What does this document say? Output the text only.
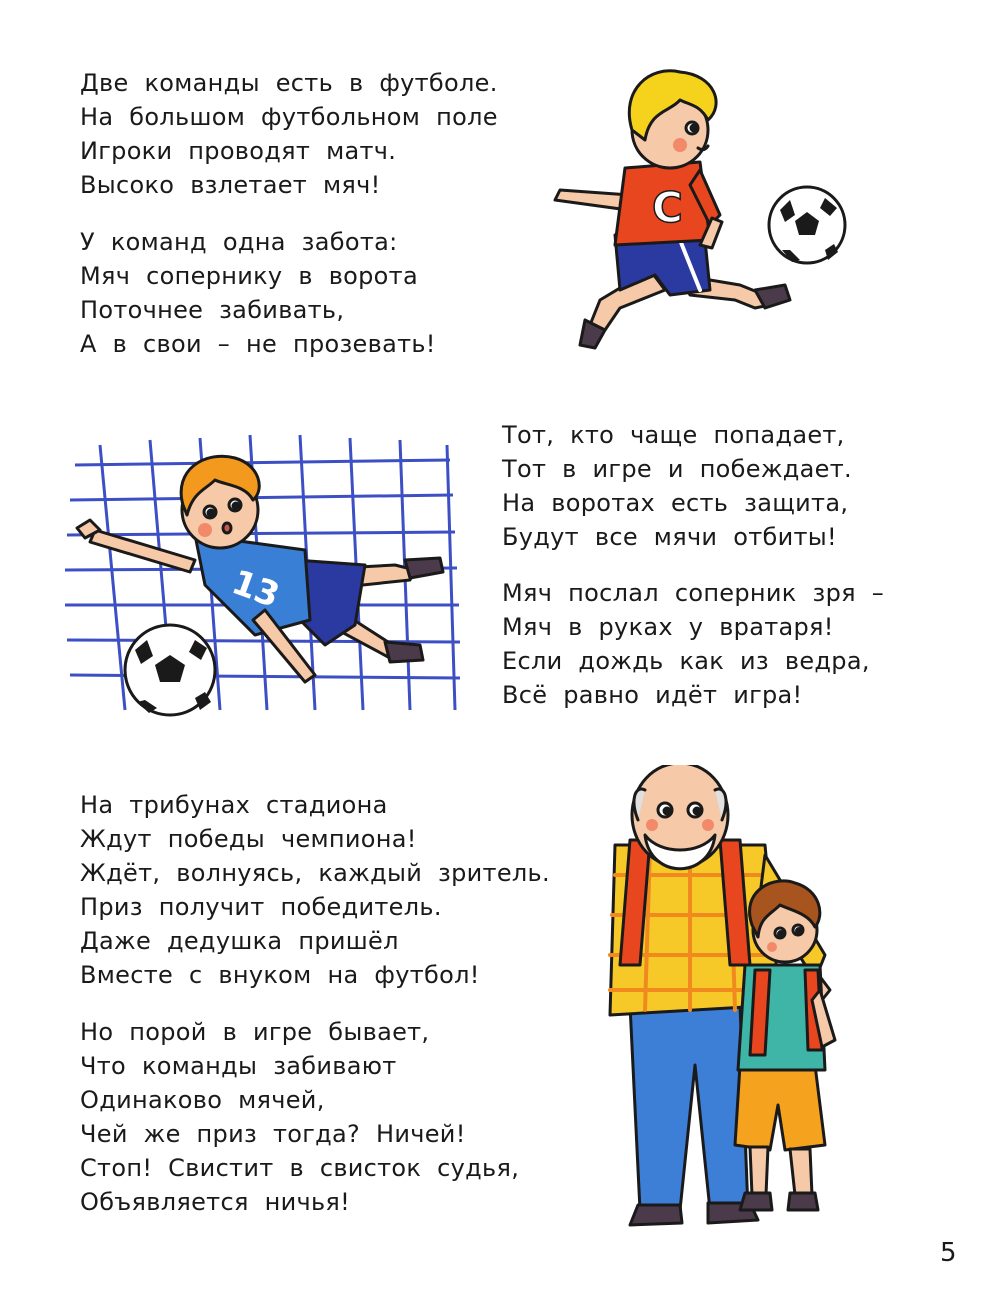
Две команды есть в футболе.
На большом футбольном поле
Игроки проводят матч.
Высоко взлетает мяч!
У команд одна забота:
Мяч сопернику в ворота
Поточнее забивать,
А в свои – не прозевать!
Тот, кто чаще попадает,
Тот в игре и побеждает.
На воротах есть защита,
Будут все мячи отбиты!
Мяч послал соперник зря –
Мяч в руках у вратаря!
Если дождь как из ведра,
Всё равно идёт игра!
На трибунах стадиона
Ждут победы чемпиона!
Ждёт, волнуясь, каждый зритель.
Приз получит победитель.
Даже дедушка пришёл
Вместе с внуком на футбол!
Но порой в игре бывает,
Что команды забивают
Одинаково мячей,
Чей же приз тогда? Ничей!
Стоп! Свистит в свисток судья,
Объявляется ничья!
С
13
5
